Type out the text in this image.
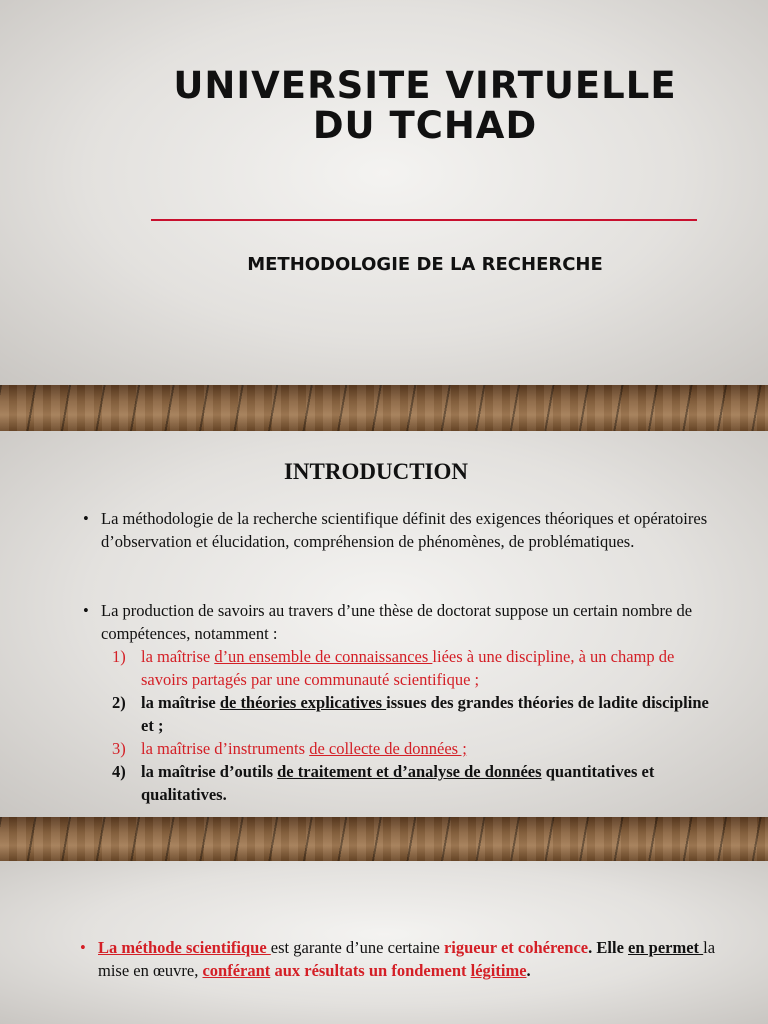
UNIVERSITE VIRTUELLE
DU TCHAD
METHODOLOGIE DE LA RECHERCHE
INTRODUCTION
• La méthodologie de la recherche scientifique définit des exigences théoriques et opératoires d’observation et élucidation, compréhension de phénomènes, de problématiques.
• La production de savoirs au travers d’une thèse de doctorat suppose un certain nombre de compétences, notamment :
1) la maîtrise d’un ensemble de connaissances liées à une discipline, à un champ de savoirs partagés par une communauté scientifique ;
2) la maîtrise de théories explicatives issues des grandes théories de ladite discipline et ;
3) la maîtrise d’instruments de collecte de données ;
4) la maîtrise d’outils de traitement et d’analyse de données quantitatives et qualitatives.
• La méthode scientifique est garante d’une certaine rigueur et cohérence. Elle en permet la mise en œuvre, conférant aux résultats un fondement légitime.
